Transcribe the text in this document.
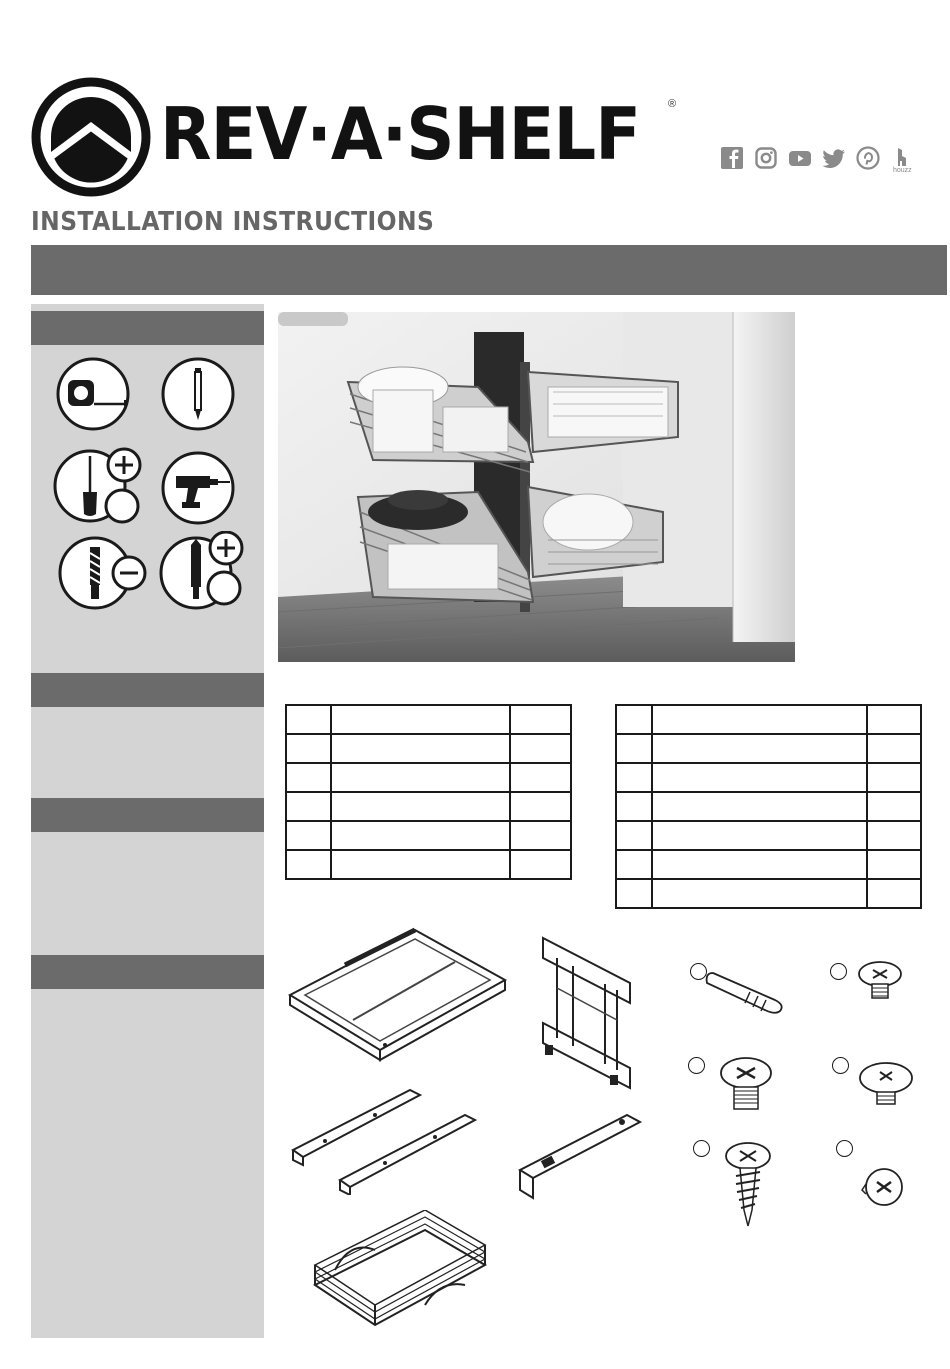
REV·A·SHELF	®
houzz
INSTALLATION INSTRUCTIONS
